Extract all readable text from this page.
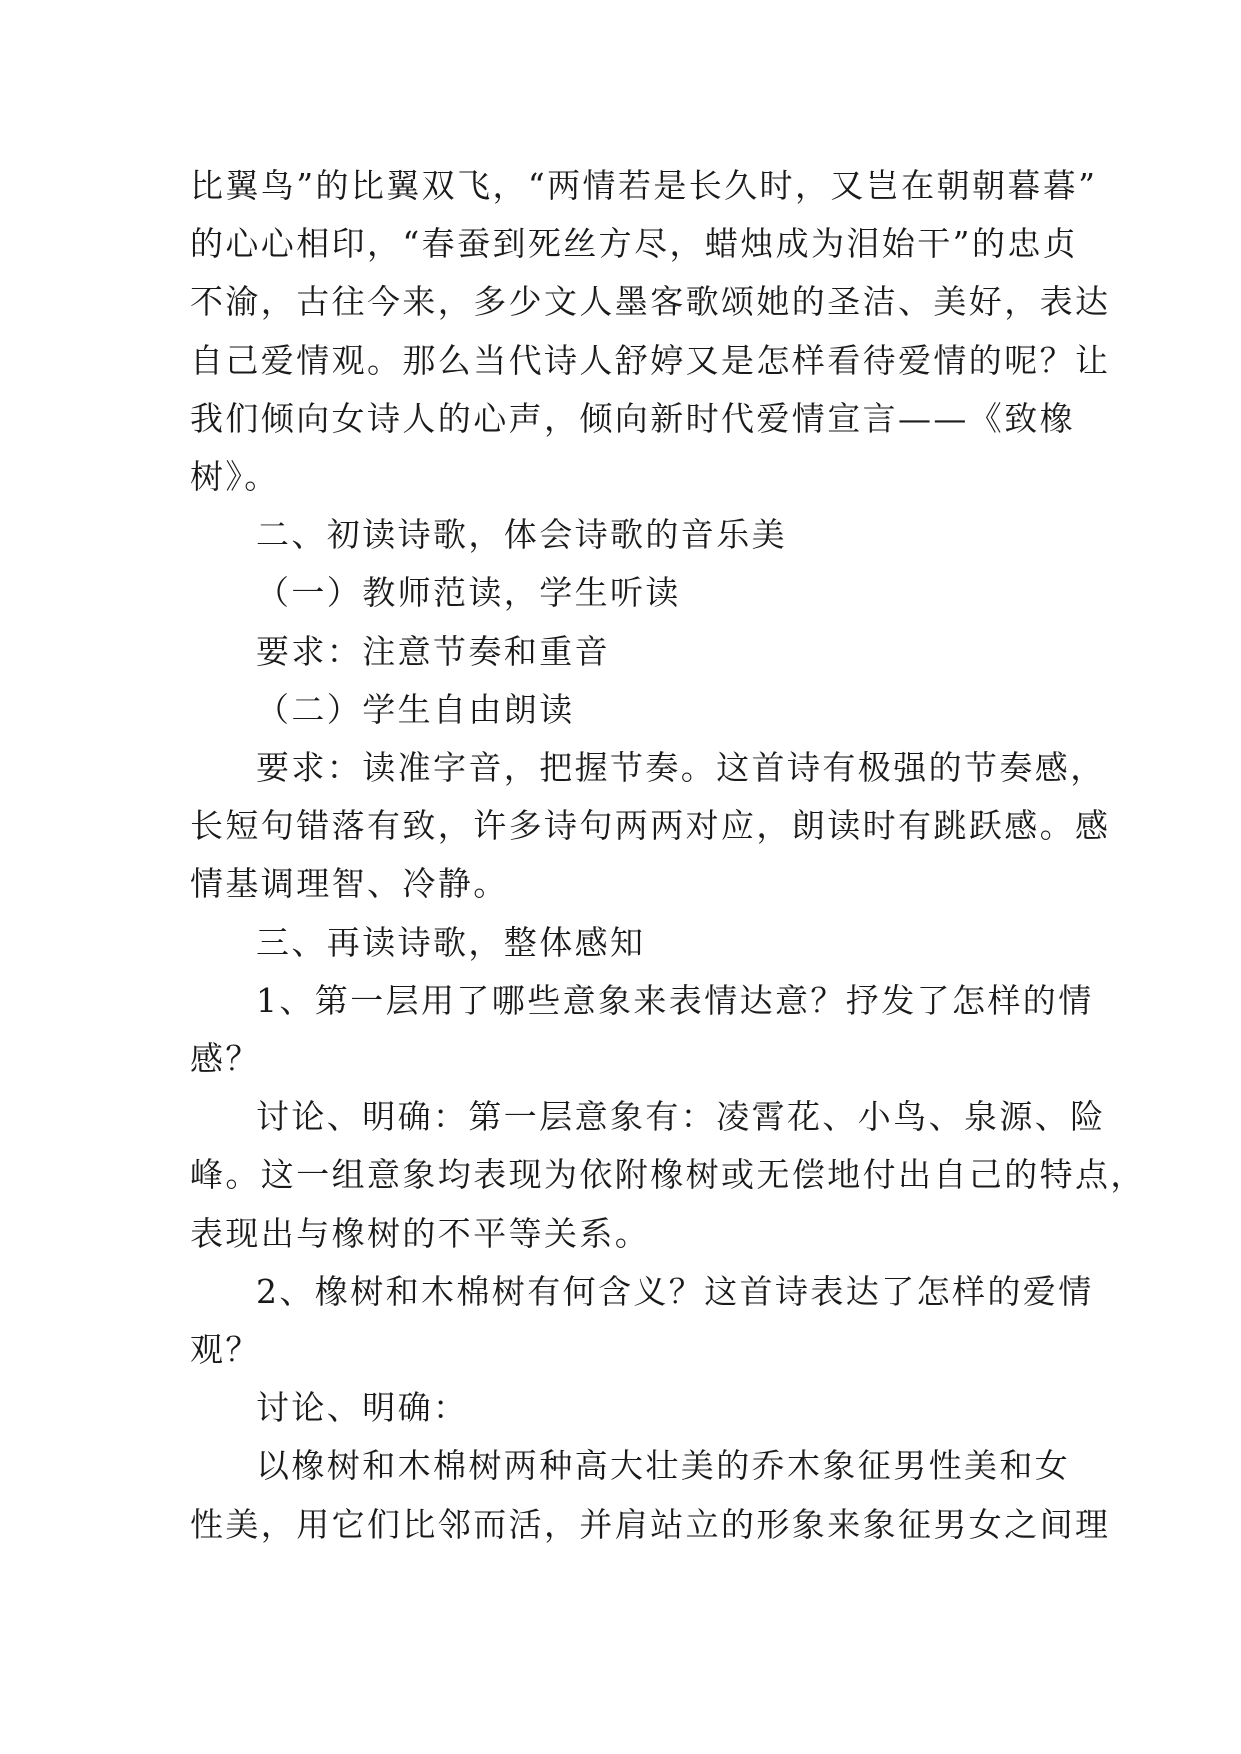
比翼鸟”的比翼双飞，“两情若是长久时，又岂在朝朝暮暮”
的心心相印，“春蚕到死丝方尽，蜡烛成为泪始干”的忠贞
不渝，古往今来，多少文人墨客歌颂她的圣洁、美好，表达
自己爱情观。那么当代诗人舒婷又是怎样看待爱情的呢？让
我们倾向女诗人的心声，倾向新时代爱情宣言——《致橡
树》。

二、初读诗歌，体会诗歌的音乐美

（一）教师范读，学生听读

要求：注意节奏和重音

（二）学生自由朗读

要求：读准字音，把握节奏。这首诗有极强的节奏感，
长短句错落有致，许多诗句两两对应，朗读时有跳跃感。感
情基调理智、冷静。

三、再读诗歌，整体感知

1、第一层用了哪些意象来表情达意？抒发了怎样的情
感？

讨论、明确：第一层意象有：凌霄花、小鸟、泉源、险
峰。这一组意象均表现为依附橡树或无偿地付出自己的特点，
表现出与橡树的不平等关系。

2、橡树和木棉树有何含义？这首诗表达了怎样的爱情
观？

讨论、明确：

以橡树和木棉树两种高大壮美的乔木象征男性美和女
性美，用它们比邻而活，并肩站立的形象来象征男女之间理
